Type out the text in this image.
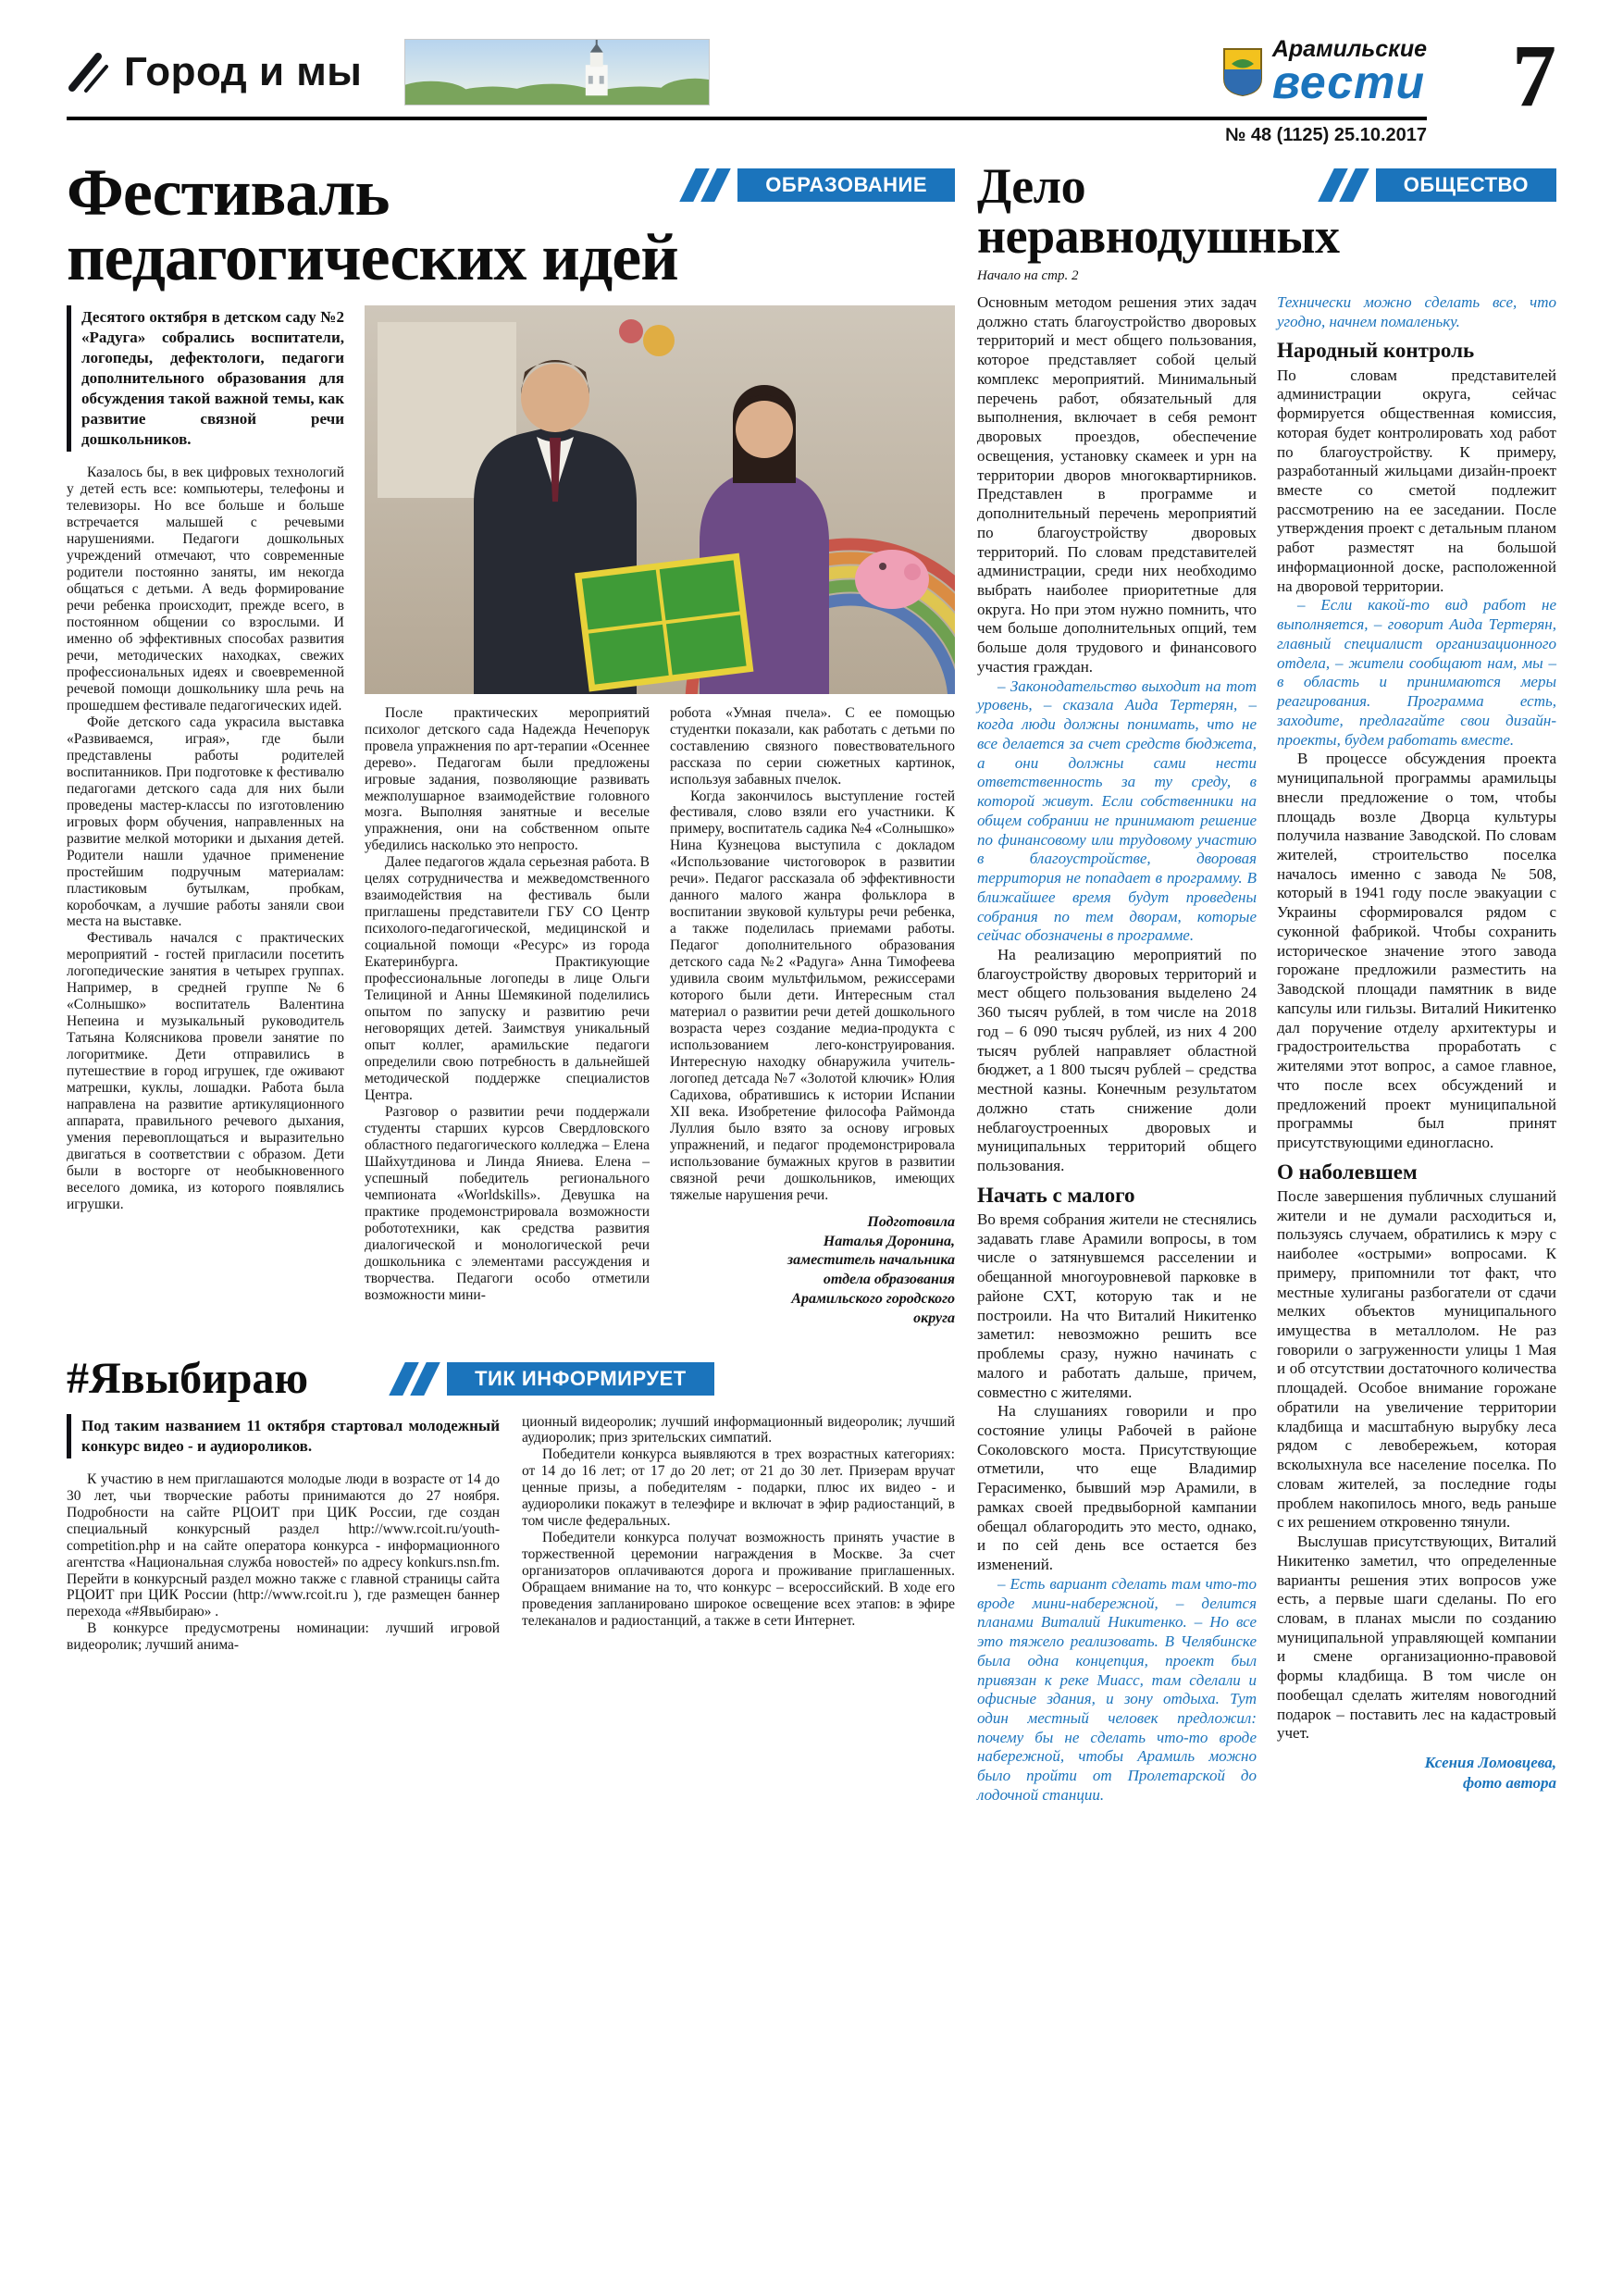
Город и мы	Арамильские
вести 7
№ 48 (1125) 25.10.2017
Фестиваль
педагогических идей
ОБРАЗОВАНИЕ
Десятого октября в детском саду №2 «Радуга» собрались воспитатели, логопеды, дефектологи, педагоги дополнительного образования для обсуждения такой важной темы, как развитие связной речи дошкольников.

Казалось бы, в век цифровых технологий у детей есть все: компьютеры, телефоны и телевизоры. Но все больше и больше встречается малышей с речевыми нарушениями. Педагоги дошкольных учреждений отмечают, что современные родители постоянно заняты, им некогда общаться с детьми. А ведь формирование речи ребенка происходит, прежде всего, в постоянном общении со взрослыми. И именно об эффективных способах развития речи, методических находках, свежих профессиональных идеях и своевременной речевой помощи дошкольнику шла речь на прошедшем фестивале педагогических идей.

Фойе детского сада украсила выставка «Развиваемся, играя», где были представлены работы родителей воспитанников. При подготовке к фестивалю педагогами детского сада для них были проведены мастер-классы по изготовлению игровых форм обучения, направленных на развитие мелкой моторики и дыхания детей. Родители нашли удачное применение простейшим подручным материалам: пластиковым бутылкам, пробкам, коробочкам, а лучшие работы заняли свои места на выставке.

Фестиваль начался с практических мероприятий - гостей пригласили посетить логопедические занятия в четырех группах. Например, в средней группе №6 «Солнышко» воспитатель Валентина Непеина и музыкальный руководитель Татьяна Колясникова провели занятие по логоритмике. Дети отправились в путешествие в город игрушек, где оживают матрешки, куклы, лошадки. Работа была направлена на развитие артикуляционного аппарата, правильного речевого дыхания, умения перевоплощаться и выразительно двигаться в соответствии с образом. Дети были в восторге от необыкновенного веселого домика, из которого появлялись игрушки.

После практических мероприятий психолог детского сада Надежда Нечепорук провела упражнения по арт-терапии «Осеннее дерево». Педагогам были предложены игровые задания, позволяющие развивать межполушарное взаимодействие головного мозга. Выполняя занятные и веселые упражнения, они на собственном опыте убедились насколько это непросто.

Далее педагогов ждала серьезная работа. В целях сотрудничества и межведомственного взаимодействия на фестиваль были приглашены представители ГБУ СО Центр психолого-педагогической, медицинской и социальной помощи «Ресурс» из города Екатеринбурга. Практикующие профессиональные логопеды в лице Ольги Телициной и Анны Шемякиной поделились опытом по запуску и развитию речи неговорящих детей. Заимствуя уникальный опыт коллег, арамильские педагоги определили свою потребность в дальнейшей методической поддержке специалистов Центра.

Разговор о развитии речи поддержали студенты старших курсов Свердловского областного педагогического колледжа – Елена Шайхутдинова и Линда Яниева. Елена – успешный победитель регионального чемпионата «Worldskills». Девушка на практике продемонстрировала возможности робототехники, как средства развития диалогической и монологической речи дошкольника с элементами рассуждения и творчества. Педагоги особо отметили возможности мини-

робота «Умная пчела». С ее помощью студентки показали, как работать с детьми по составлению связного повествовательного рассказа по серии сюжетных картинок, используя забавных пчелок.

Когда закончилось выступление гостей фестиваля, слово взяли его участники. К примеру, воспитатель садика №4 «Солнышко» Нина Кузнецова выступила с докладом «Использование чистоговорок в развитии речи». Педагог рассказала об эффективности данного малого жанра фольклора в воспитании звуковой культуры речи ребенка, а также поделилась приемами работы. Педагог дополнительного образования детского сада №2 «Радуга» Анна Тимофеева удивила своим мультфильмом, режиссерами которого были дети. Интересным стал материал о развитии речи детей дошкольного возраста через создание медиа-продукта с использованием лего-конструирования. Интересную находку обнаружила учитель-логопед детсада №7 «Золотой ключик» Юлия Садихова, обратившись к истории Испании XII века. Изобретение философа Раймонда Луллия было взято за основу игровых упражнений, и педагог продемонстрировала использование бумажных кругов в развитии связной речи дошкольников, имеющих тяжелые нарушения речи.

Подготовила
Наталья Доронина,
заместитель начальника
отдела образования
Арамильского городского
округа
#Явыбираю	ТИК ИНФОРМИРУЕТ
Под таким названием 11 октября стартовал молодежный конкурс видео - и аудиороликов.

К участию в нем приглашаются молодые люди в возрасте от 14 до 30 лет, чьи творческие работы принимаются до 27 ноября. Подробности на сайте РЦОИТ при ЦИК России, где создан специальный конкурсный раздел http://www.rcoit.ru/youth-competition.php и на сайте оператора конкурса - информационного агентства «Национальная служба новостей» по адресу konkurs.nsn.fm. Перейти в конкурсный раздел можно также с главной страницы сайта РЦОИТ при ЦИК России (http://www.rcoit.ru ), где размещен баннер перехода «#Явыбираю» .

В конкурсе предусмотрены номинации: лучший игровой видеоролик; лучший анима-

ционный видеоролик; лучший информационный видеоролик; лучший аудиоролик; приз зрительских симпатий.

Победители конкурса выявляются в трех возрастных категориях: от 14 до 16 лет; от 17 до 20 лет; от 21 до 30 лет. Призерам вручат ценные призы, а победителям - подарки, плюс их видео - и аудиоролики покажут в телеэфире и включат в эфир радиостанций, в том числе федеральных.

Победители конкурса получат возможность принять участие в торжественной церемонии награждения в Москве. За счет организаторов оплачиваются дорога и проживание приглашенных. Обращаем внимание на то, что конкурс – всероссийский. В ходе его проведения запланировано широкое освещение всех этапов: в эфире телеканалов и радиостанций, а также в сети Интернет.

Дело
неравнодушных
ОБЩЕСТВО
Начало на стр. 2

Основным методом решения этих задач должно стать благоустройство дворовых территорий и мест общего пользования, которое представляет собой целый комплекс мероприятий. Минимальный перечень работ, обязательный для выполнения, включает в себя ремонт дворовых проездов, обеспечение освещения, установку скамеек и урн на территории дворов многоквартирников. Представлен в программе и дополнительный перечень мероприятий по благоустройству дворовых территорий. По словам представителей администрации, среди них необходимо выбрать наиболее приоритетные для округа. Но при этом нужно помнить, что чем больше дополнительных опций, тем больше доля трудового и финансового участия граждан.

– Законодательство выходит на тот уровень, – сказала Аида Тертерян, – когда люди должны понимать, что не все делается за счет средств бюджета, а они должны сами нести ответственность за ту среду, в которой живут. Если собственники на общем собрании не принимают решение по финансовому или трудовому участию в благоустройстве, дворовая территория не попадает в программу. В ближайшее время будут проведены собрания по тем дворам, которые сейчас обозначены в программе.

На реализацию мероприятий по благоустройству дворовых территорий и мест общего пользования выделено 24 360 тысяч рублей, в том числе на 2018 год – 6 090 тысяч рублей, из них 4 200 тысяч рублей направляет областной бюджет, а 1 800 тысяч рублей – средства местной казны. Конечным результатом должно стать снижение доли неблагоустроенных дворовых и муниципальных территорий общего пользования.

Начать с малого

Во время собрания жители не стеснялись задавать главе Арамили вопросы, в том числе о затянувшемся расселении и обещанной многоуровневой парковке в районе СХТ, которую так и не построили. На что Виталий Никитенко заметил: невозможно решить все проблемы сразу, нужно начинать с малого и работать дальше, причем, совместно с жителями.

На слушаниях говорили и про состояние улицы Рабочей в районе Соколовского моста. Присутствующие отметили, что еще Владимир Герасименко, бывший мэр Арамили, в рамках своей предвыборной кампании обещал облагородить это место, однако, и по сей день все остается без изменений.

– Есть вариант сделать там что-то вроде мини-набережной, – делится планами Виталий Никитенко. – Но все это тяжело реализовать. В Челябинске была одна концепция, проект был привязан к реке Миасс, там сделали и офисные здания, и зону отдыха. Тут один местный человек предложил: почему бы не сделать что-то вроде набережной, чтобы Арамиль можно было пройти от Пролетарской до лодочной станции.

Технически можно сделать все, что угодно, начнем помаленьку.

Народный контроль

По словам представителей администрации округа, сейчас формируется общественная комиссия, которая будет контролировать ход работ по благоустройству. К примеру, разработанный жильцами дизайн-проект вместе со сметой подлежит рассмотрению на ее заседании. После утверждения проект с детальным планом работ разместят на большой информационной доске, расположенной на дворовой территории.

– Если какой-то вид работ не выполняется, – говорит Аида Тертерян, главный специалист организационного отдела, – жители сообщают нам, мы – в область и принимаются меры реагирования. Программа есть, заходите, предлагайте свои дизайн-проекты, будем работать вместе.

В процессе обсуждения проекта муниципальной программы арамильцы внесли предложение о том, чтобы площадь возле Дворца культуры получила название Заводской. По словам жителей, строительство поселка началось именно с завода № 508, который в 1941 году после эвакуации с Украины сформировался рядом с суконной фабрикой. Чтобы сохранить историческое значение этого завода горожане предложили разместить на Заводской площади памятник в виде капсулы или гильзы. Виталий Никитенко дал поручение отделу архитектуры и градостроительства проработать с жителями этот вопрос, а самое главное, что после всех обсуждений и предложений проект муниципальной программы был принят присутствующими единогласно.

О наболевшем

После завершения публичных слушаний жители и не думали расходиться и, пользуясь случаем, обратились к мэру с наиболее «острыми» вопросами. К примеру, припомнили тот факт, что местные хулиганы разбогатели от сдачи мелких объектов муниципального имущества в металлолом. Не раз говорили о загруженности улицы 1 Мая и об отсутствии достаточного количества площадей. Особое внимание горожане обратили на увеличение территории кладбища и масштабную вырубку леса рядом с левобережьем, которая всколыхнула все население поселка. По словам жителей, за последние годы проблем накопилось много, ведь раньше с их решением откровенно тянули.

Выслушав присутствующих, Виталий Никитенко заметил, что определенные варианты решения этих вопросов уже есть, а первые шаги сделаны. По его словам, в планах мысли по созданию муниципальной управляющей компании и смене организационно-правовой формы кладбища. В том числе он пообещал сделать жителям новогодний подарок – поставить лес на кадастровый учет.

Ксения Ломовцева,
фото автора
